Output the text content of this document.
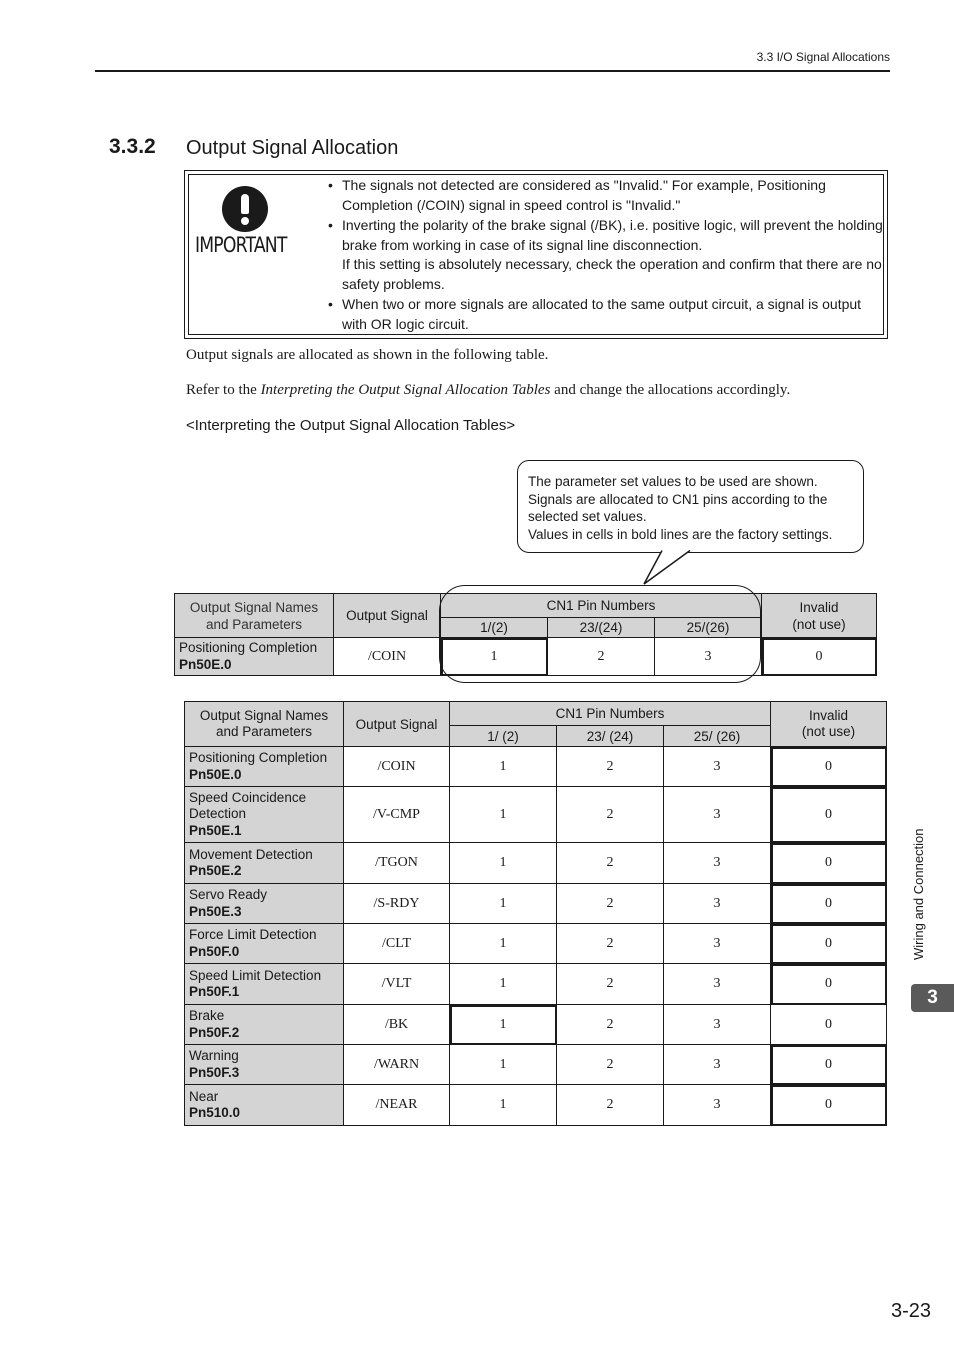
3.3 I/O Signal Allocations
3.3.2 Output Signal Allocation
IMPORTANT
• The signals not detected are considered as "Invalid." For example, Positioning Completion (/COIN) signal in speed control is "Invalid."
• Inverting the polarity of the brake signal (/BK), i.e. positive logic, will prevent the holding brake from working in case of its signal line disconnection.
If this setting is absolutely necessary, check the operation and confirm that there are no safety problems.
• When two or more signals are allocated to the same output circuit, a signal is output with OR logic circuit.
Output signals are allocated as shown in the following table.
Refer to the Interpreting the Output Signal Allocation Tables and change the allocations accordingly.
<Interpreting the Output Signal Allocation Tables>
The parameter set values to be used are shown.
Signals are allocated to CN1 pins according to the
selected set values.
Values in cells in bold lines are the factory settings.
Output Signal Names
and Parameters	Output Signal	CN1 Pin Numbers			Invalid
(not use)
		1/(2)	23/(24)	25/(26)	
Positioning Completion
Pn50E.0	/COIN	1	2	3	0
Output Signal Names
and Parameters	Output Signal	CN1 Pin Numbers			Invalid
(not use)
		1/ (2)	23/ (24)	25/ (26)	
Positioning Completion
Pn50E.0	/COIN	1	2	3	0
Speed Coincidence
Detection
Pn50E.1	/V-CMP	1	2	3	0
Movement Detection
Pn50E.2	/TGON	1	2	3	0
Servo Ready
Pn50E.3	/S-RDY	1	2	3	0
Force Limit Detection
Pn50F.0	/CLT	1	2	3	0
Speed Limit Detection
Pn50F.1	/VLT	1	2	3	0
Brake
Pn50F.2	/BK	1	2	3	0
Warning
Pn50F.3	/WARN	1	2	3	0
Near
Pn510.0	/NEAR	1	2	3	0
Wiring and Connection
3
3-23
